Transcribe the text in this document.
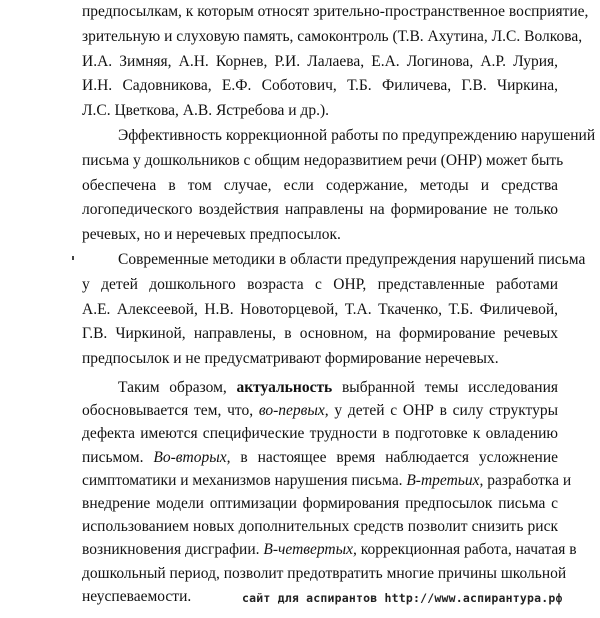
предпосылкам, к которым относят зрительно-пространственное восприятие,
зрительную и слуховую память, самоконтроль (Т.В. Ахутина, Л.С. Волкова,
И.А. Зимняя, А.Н. Корнев, Р.И. Лалаева, Е.А. Логинова, А.Р. Лурия,
И.Н. Садовникова, Е.Ф. Соботович, Т.Б. Филичева, Г.В. Чиркина,
Л.С. Цветкова, А.В. Ястребова и др.).
Эффективность коррекционной работы по предупреждению нарушений
письма у дошкольников с общим недоразвитием речи (ОНР) может быть
обеспечена в том случае, если содержание, методы и средства
логопедического воздействия направлены на формирование не только
речевых, но и неречевых предпосылок.
Современные методики в области предупреждения нарушений письма
у детей дошкольного возраста с ОНР, представленные работами
А.Е. Алексеевой, Н.В. Новоторцевой, Т.А. Ткаченко, Т.Б. Филичевой,
Г.В. Чиркиной, направлены, в основном, на формирование речевых
предпосылок и не предусматривают формирование неречевых.
Таким образом, актуальность выбранной темы исследования
обосновывается тем, что, во-первых, у детей с ОНР в силу структуры
дефекта имеются специфические трудности в подготовке к овладению
письмом. Во-вторых, в настоящее время наблюдается усложнение
симптоматики и механизмов нарушения письма. В-третьих, разработка и
внедрение модели оптимизации формирования предпосылок письма с
использованием новых дополнительных средств позволит снизить риск
возникновения дисграфии. В-четвертых, коррекционная работа, начатая в
дошкольный период, позволит предотвратить многие причины школьной
неуспеваемости.	сайт для аспирантов http://www.аспирантура.рф
